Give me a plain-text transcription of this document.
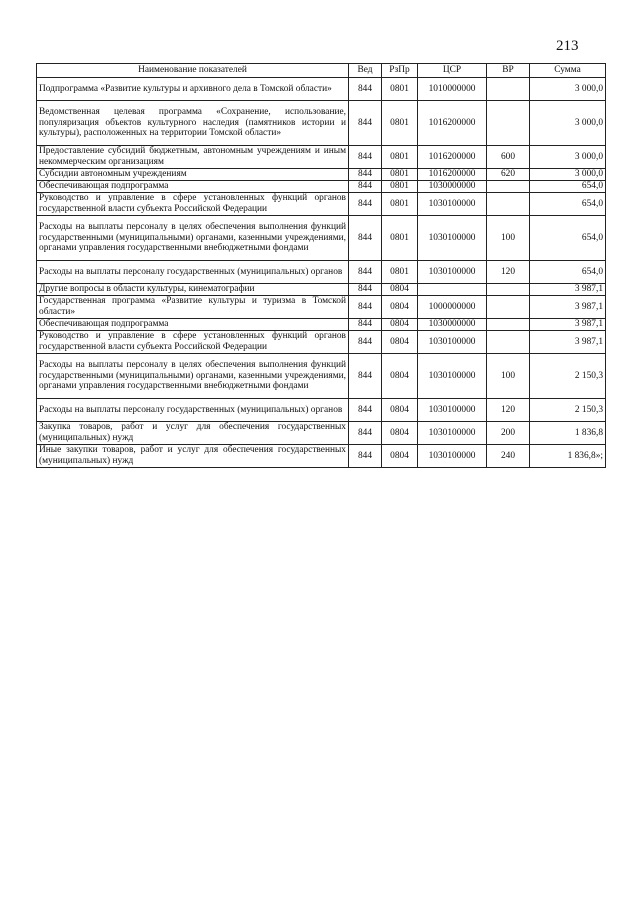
213
Наименование показателей	Вед	РзПр	ЦСР	ВР	Сумма
Подпрограмма «Развитие культуры и архивного дела в Томской области»	844	0801	1010000000		3 000,0
Ведомственная целевая программа «Сохранение, использование, популяризация объектов культурного наследия (памятников истории и культуры), расположенных на территории Томской области»	844	0801	1016200000		3 000,0
Предоставление субсидий бюджетным, автономным учреждениям и иным некоммерческим организациям	844	0801	1016200000	600	3 000,0
Субсидии автономным учреждениям	844	0801	1016200000	620	3 000,0
Обеспечивающая подпрограмма	844	0801	1030000000		654,0
Руководство и управление в сфере установленных функций органов государственной власти субъекта Российской Федерации	844	0801	1030100000		654,0
Расходы на выплаты персоналу в целях обеспечения выполнения функций государственными (муниципальными) органами, казенными учреждениями, органами управления государственными внебюджетными фондами	844	0801	1030100000	100	654,0
Расходы на выплаты персоналу государственных (муниципальных) органов	844	0801	1030100000	120	654,0
Другие вопросы в области культуры, кинематографии	844	0804			3 987,1
Государственная программа «Развитие культуры и туризма в Томской области»	844	0804	1000000000		3 987,1
Обеспечивающая подпрограмма	844	0804	1030000000		3 987,1
Руководство и управление в сфере установленных функций органов государственной власти субъекта Российской Федерации	844	0804	1030100000		3 987,1
Расходы на выплаты персоналу в целях обеспечения выполнения функций государственными (муниципальными) органами, казенными учреждениями, органами управления государственными внебюджетными фондами	844	0804	1030100000	100	2 150,3
Расходы на выплаты персоналу государственных (муниципальных) органов	844	0804	1030100000	120	2 150,3
Закупка товаров, работ и услуг для обеспечения государственных (муниципальных) нужд	844	0804	1030100000	200	1 836,8
Иные закупки товаров, работ и услуг для обеспечения государственных (муниципальных) нужд	844	0804	1030100000	240	1 836,8»;
